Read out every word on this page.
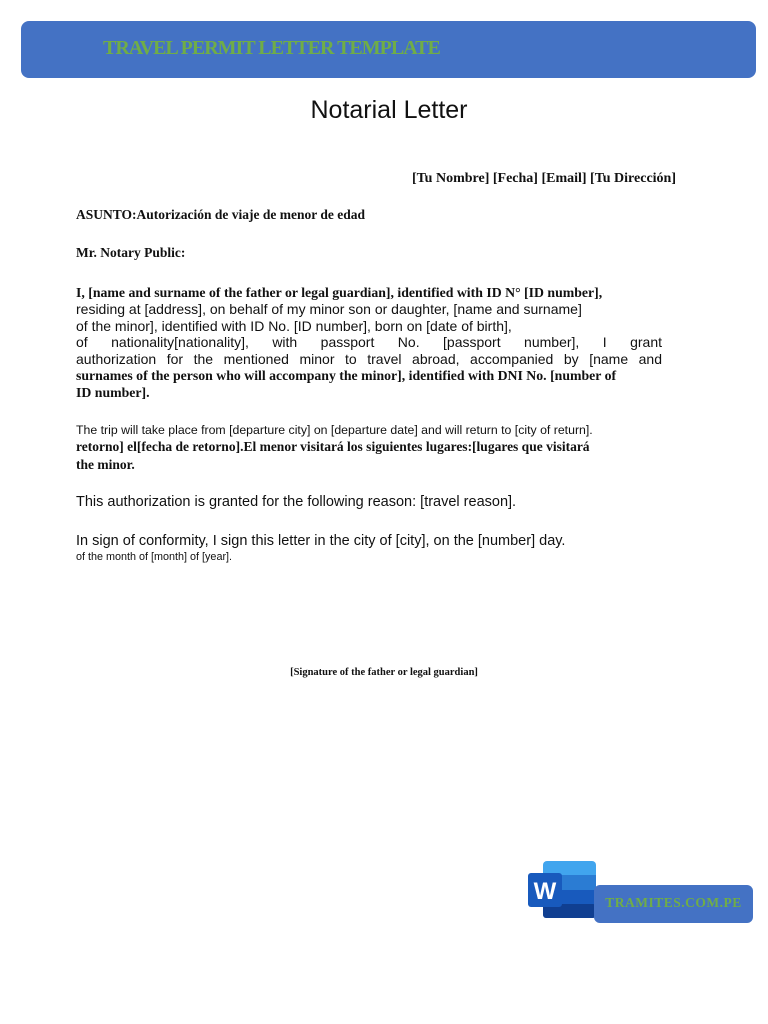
TRAVEL PERMIT LETTER TEMPLATE
Notarial Letter
[Tu Nombre] [Fecha] [Email] [Tu Dirección]
ASUNTO:Autorización de viaje de menor de edad
Mr. Notary Public:
I, [name and surname of the father or legal guardian], identified with ID N° [ID number],
residing at [address], on behalf of my minor son or daughter, [name and surname]
of the minor], identified with ID No. [ID number], born on [date of birth],
of nationality[nationality], with passport No. [passport number], I grant
authorization for the mentioned minor to travel abroad, accompanied by [name and
surnames of the person who will accompany the minor], identified with DNI No. [number of
ID number].
The trip will take place from [departure city] on [departure date] and will return to [city of return].
retorno] el[fecha de retorno].El menor visitará los siguientes lugares:[lugares que visitará
the minor.
This authorization is granted for the following reason: [travel reason].
In sign of conformity, I sign this letter in the city of [city], on the [number] day.
of the month of [month] of [year].
[Signature of the father or legal guardian]
W	TRAMITES.COM.PE
